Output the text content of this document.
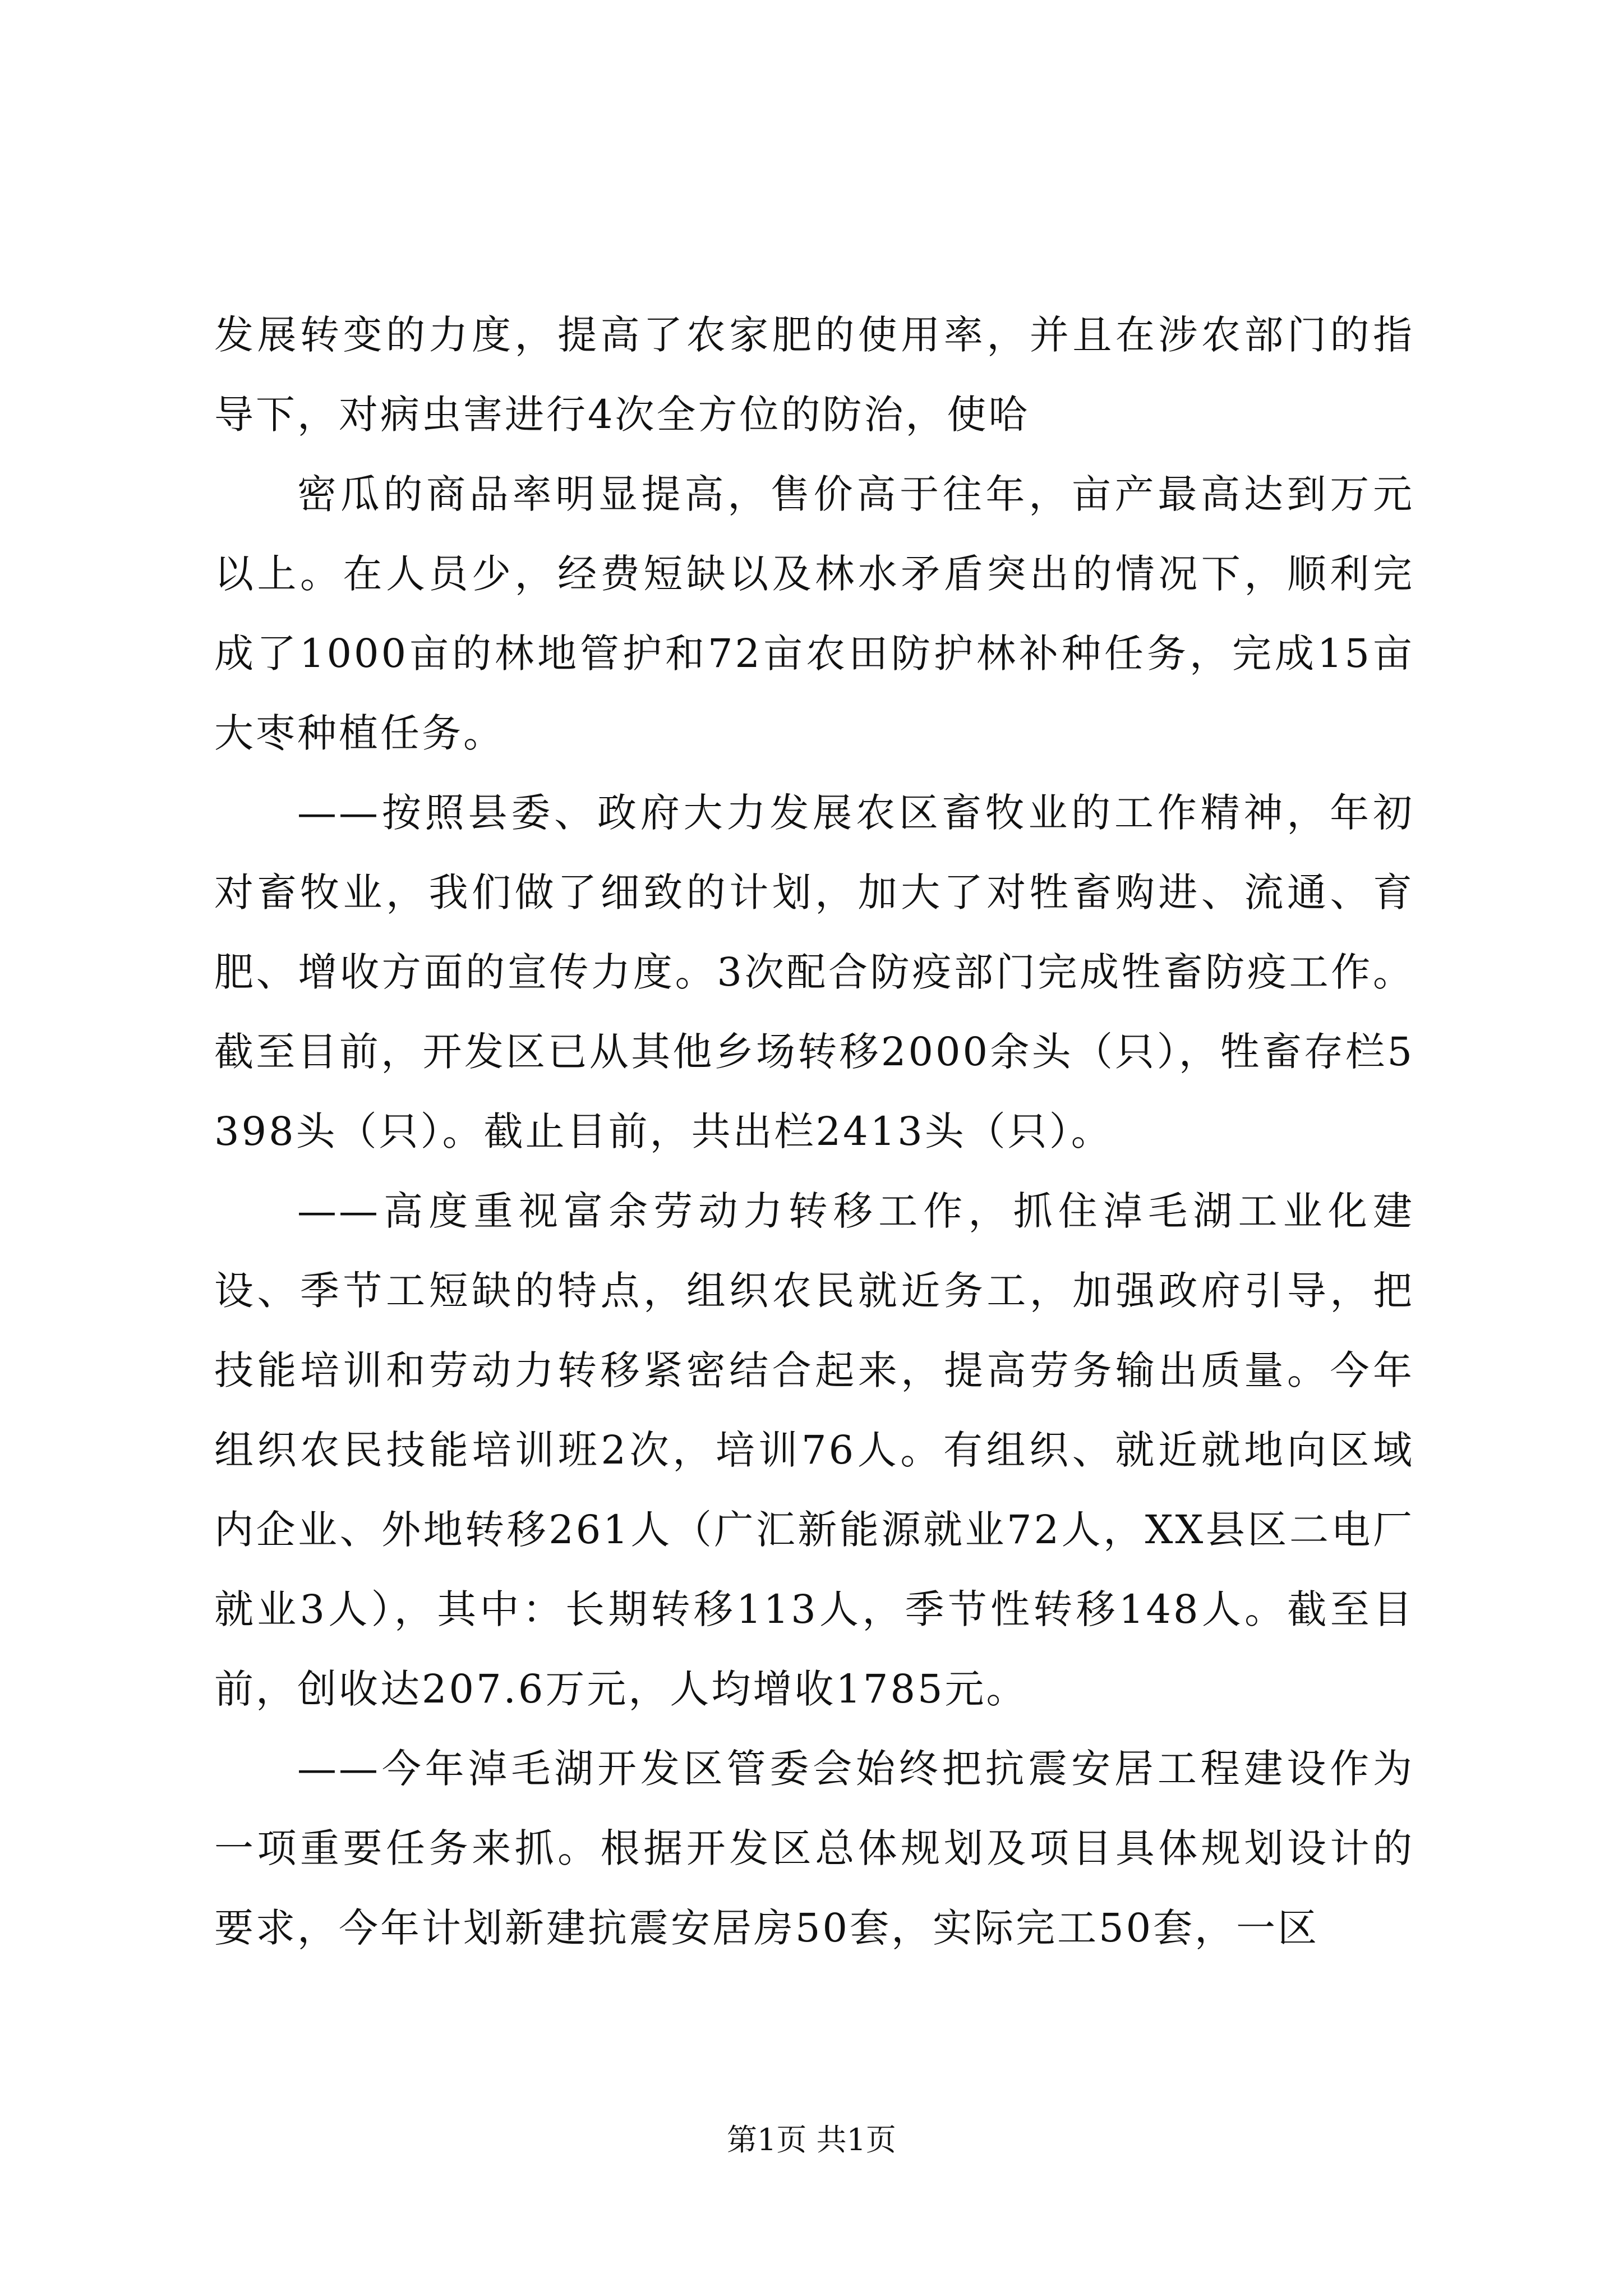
发展转变的力度，提高了农家肥的使用率，并且在涉农部门的指导下，对病虫害进行4次全方位的防治，使哈

密瓜的商品率明显提高，售价高于往年，亩产最高达到万元以上。在人员少，经费短缺以及林水矛盾突出的情况下，顺利完成了1000亩的林地管护和72亩农田防护林补种任务，完成15亩大枣种植任务。

——按照县委、政府大力发展农区畜牧业的工作精神，年初对畜牧业，我们做了细致的计划，加大了对牲畜购进、流通、育肥、增收方面的宣传力度。3次配合防疫部门完成牲畜防疫工作。截至目前，开发区已从其他乡场转移2000余头（只），牲畜存栏5398头（只）。截止目前，共出栏2413头（只）。

——高度重视富余劳动力转移工作，抓住淖毛湖工业化建设、季节工短缺的特点，组织农民就近务工，加强政府引导，把技能培训和劳动力转移紧密结合起来，提高劳务输出质量。今年组织农民技能培训班2次，培训76人。有组织、就近就地向区域内企业、外地转移261人（广汇新能源就业72人，XX县区二电厂就业3人），其中：长期转移113人，季节性转移148人。截至目前，创收达207.6万元，人均增收1785元。

——今年淖毛湖开发区管委会始终把抗震安居工程建设作为一项重要任务来抓。根据开发区总体规划及项目具体规划设计的要求，今年计划新建抗震安居房50套，实际完工50套，一区

第1页 共1页
